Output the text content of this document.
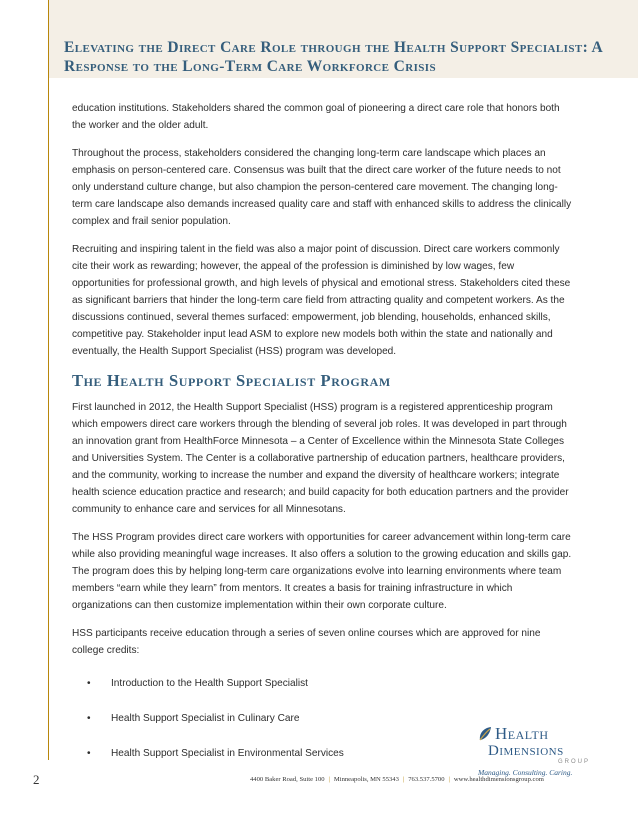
Elevating the Direct Care Role through the Health Support Specialist: A Response to the Long-Term Care Workforce Crisis

education institutions. Stakeholders shared the common goal of pioneering a direct care role that honors both the worker and the older adult.

Throughout the process, stakeholders considered the changing long-term care landscape which places an emphasis on person-centered care. Consensus was built that the direct care worker of the future needs to not only understand culture change, but also champion the person-centered care movement. The changing long-term care landscape also demands increased quality care and staff with enhanced skills to address the clinically complex and frail senior population.

Recruiting and inspiring talent in the field was also a major point of discussion. Direct care workers commonly cite their work as rewarding; however, the appeal of the profession is diminished by low wages, few opportunities for professional growth, and high levels of physical and emotional stress. Stakeholders cited these as significant barriers that hinder the long-term care field from attracting quality and competent workers. As the discussions continued, several themes surfaced: empowerment, job blending, households, enhanced skills, competitive pay. Stakeholder input lead ASM to explore new models both within the state and nationally and eventually, the Health Support Specialist (HSS) program was developed.

The Health Support Specialist Program

First launched in 2012, the Health Support Specialist (HSS) program is a registered apprenticeship program which empowers direct care workers through the blending of several job roles. It was developed in part through an innovation grant from HealthForce Minnesota – a Center of Excellence within the Minnesota State Colleges and Universities System. The Center is a collaborative partnership of education partners, healthcare providers, and the community, working to increase the number and expand the diversity of healthcare workers; integrate health science education practice and research; and build capacity for both education partners and the provider community to enhance care and services for all Minnesotans.

The HSS Program provides direct care workers with opportunities for career advancement within long-term care while also providing meaningful wage increases. It also offers a solution to the growing education and skills gap. The program does this by helping long-term care organizations evolve into learning environments where team members “earn while they learn” from mentors. It creates a basis for training infrastructure in which organizations can then customize implementation within their own corporate culture.

HSS participants receive education through a series of seven online courses which are approved for nine college credits:

•	Introduction to the Health Support Specialist
•	Health Support Specialist in Culinary Care
•	Health Support Specialist in Environmental Services
Health
Dimensions
GROUP
Managing. Consulting. Caring.
2	4400 Baker Road, Suite 100 | Minneapolis, MN 55343 | 763.537.5700 | www.healthdimensionsgroup.com
